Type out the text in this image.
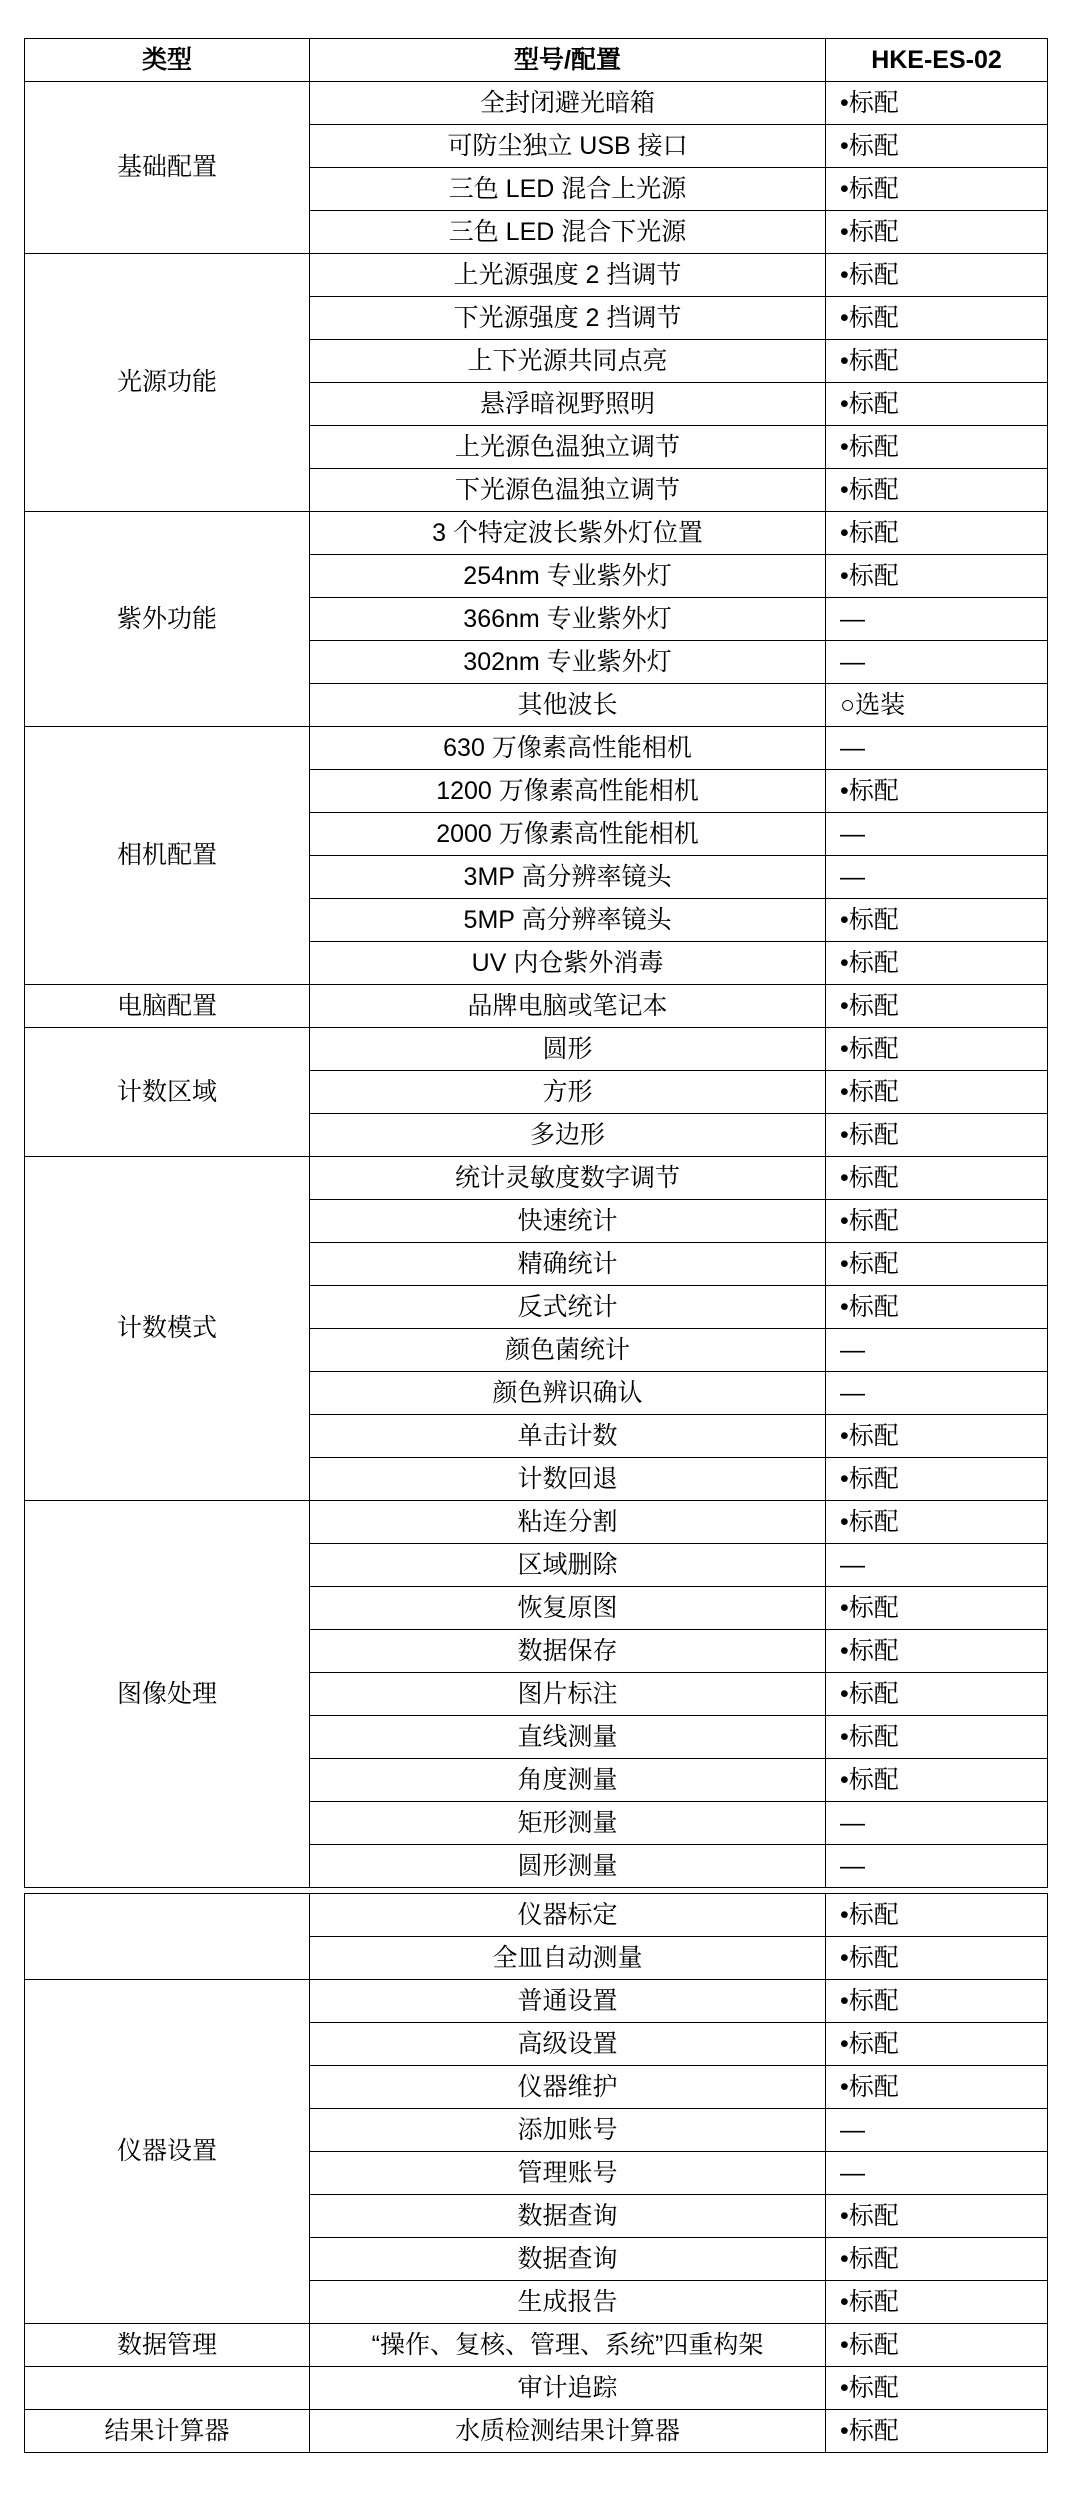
类型	型号/配置	HKE-ES-02
基础配置	全封闭避光暗箱	•标配
	可防尘独立 USB 接口	•标配
	三色 LED 混合上光源	•标配
	三色 LED 混合下光源	•标配
光源功能	上光源强度 2 挡调节	•标配
	下光源强度 2 挡调节	•标配
	上下光源共同点亮	•标配
	悬浮暗视野照明	•标配
	上光源色温独立调节	•标配
	下光源色温独立调节	•标配
紫外功能	3 个特定波长紫外灯位置	•标配
	254nm 专业紫外灯	•标配
	366nm 专业紫外灯	—
	302nm 专业紫外灯	—
	其他波长	○选装
相机配置	630 万像素高性能相机	—
	1200 万像素高性能相机	•标配
	2000 万像素高性能相机	—
	3MP 高分辨率镜头	—
	5MP 高分辨率镜头	•标配
	UV 内仓紫外消毒	•标配
电脑配置	品牌电脑或笔记本	•标配
计数区域	圆形	•标配
	方形	•标配
	多边形	•标配
计数模式	统计灵敏度数字调节	•标配
	快速统计	•标配
	精确统计	•标配
	反式统计	•标配
	颜色菌统计	—
	颜色辨识确认	—
	单击计数	•标配
	计数回退	•标配
图像处理	粘连分割	•标配
	区域删除	—
	恢复原图	•标配
	数据保存	•标配
	图片标注	•标配
	直线测量	•标配
	角度测量	•标配
	矩形测量	—
	圆形测量	—
	仪器标定	•标配
	全皿自动测量	•标配
仪器设置	普通设置	•标配
	高级设置	•标配
	仪器维护	•标配
	添加账号	—
	管理账号	—
	数据查询	•标配
	数据查询	•标配
	生成报告	•标配
数据管理	“操作、复核、管理、系统”四重构架	•标配
	审计追踪	•标配
结果计算器	水质检测结果计算器	•标配
